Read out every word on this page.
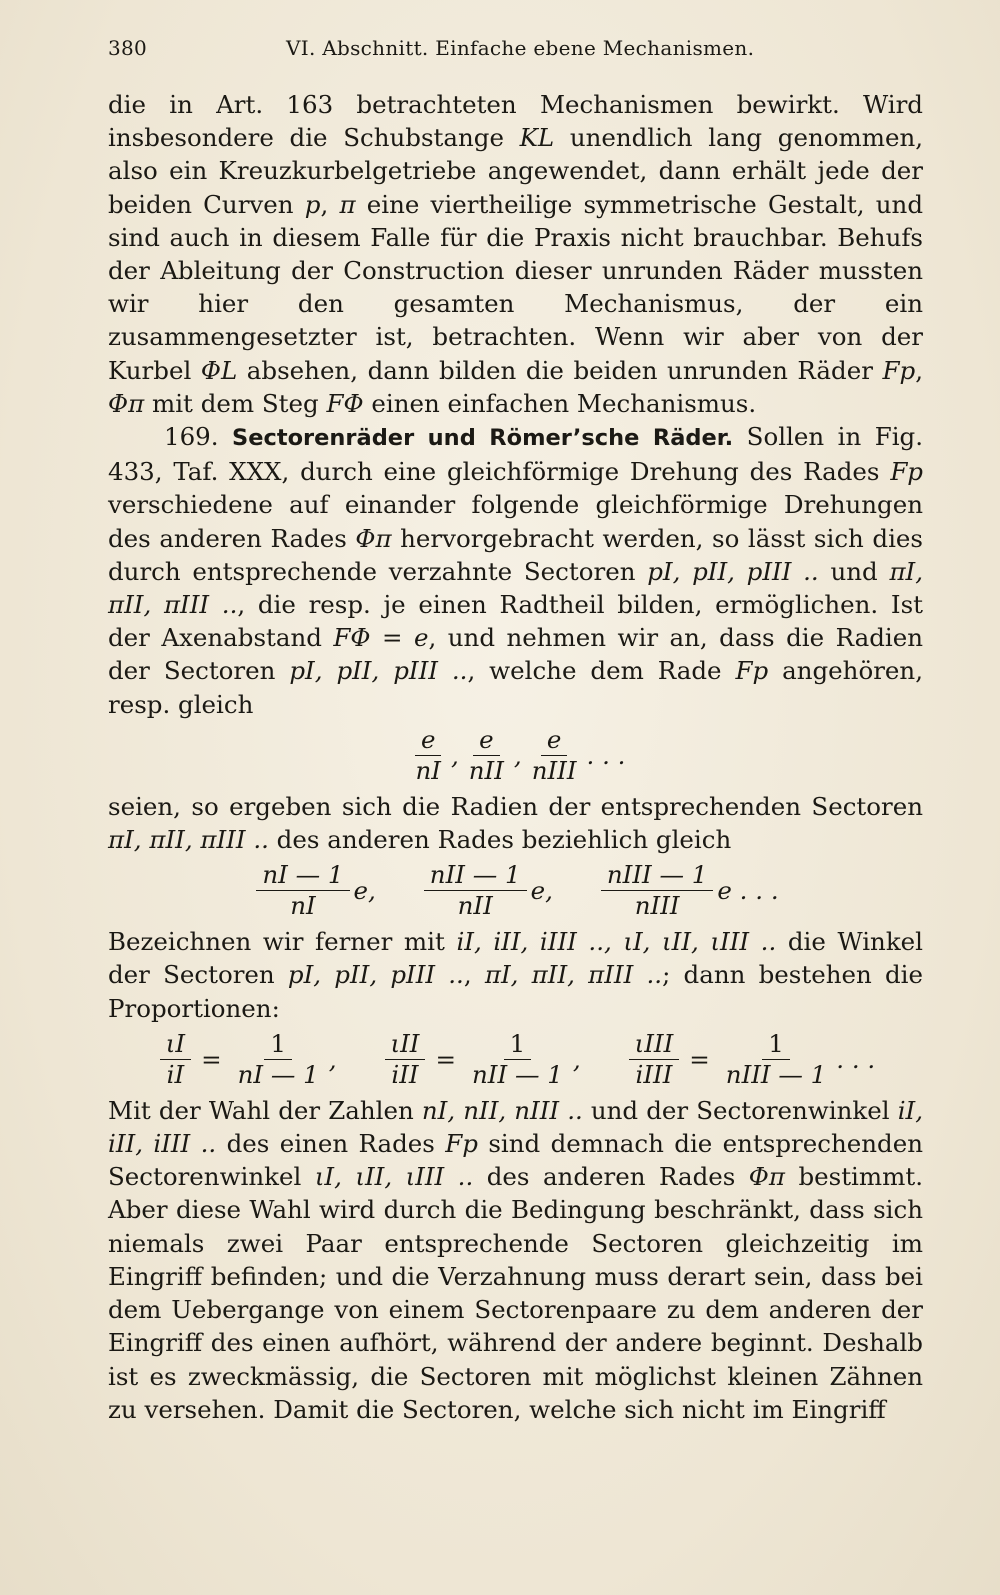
380	VI. Abschnitt. Einfache ebene Mechanismen.

die in Art. 163 betrachteten Mechanismen bewirkt. Wird insbesondere die Schubstange KL unendlich lang genommen, also ein Kreuzkurbelgetriebe angewendet, dann erhält jede der beiden Curven p, π eine viertheilige symmetrische Gestalt, und sind auch in diesem Falle für die Praxis nicht brauchbar. Behufs der Ableitung der Construction dieser unrunden Räder mussten wir hier den gesamten Mechanismus, der ein zusammengesetzter ist, betrachten. Wenn wir aber von der Kurbel ΦL absehen, dann bilden die beiden unrunden Räder Fp, Φπ mit dem Steg FΦ einen einfachen Mechanismus.

169. Sectorenräder und Römer’sche Räder. Sollen in Fig. 433, Taf. XXX, durch eine gleichförmige Drehung des Rades Fp verschiedene auf einander folgende gleichförmige Drehungen des anderen Rades Φπ hervorgebracht werden, so lässt sich dies durch entsprechende verzahnte Sectoren pI, pII, pIII .. und πI, πII, πIII .., die resp. je einen Radtheil bilden, ermöglichen. Ist der Axenabstand FΦ = e, und nehmen wir an, dass die Radien der Sectoren pI, pII, pIII .., welche dem Rade Fp angehören, resp. gleich

$\frac{e}{nI}$ , $\frac{e}{\text{nII}}$ , $\frac{e}{\text{nIII}}$ . . .

seien, so ergeben sich die Radien der entsprechenden Sectoren πI, πII, πIII .. des anderen Rades beziehlich gleich

$\frac{nI — 1}{nI} e$, $\frac{\text{nII — 1}}{\text{nII}} e$, $\frac{\text{nIII — 1}}{\text{nIII}}$ e . . .

Bezeichnen wir ferner mit iI, iII, iIII .., ιI, ιII, ιIII .. die Winkel der Sectoren pI, pII, pIII .., πI, πII, πIII ..; dann bestehen die Proportionen:

$\frac{\iota I}{iI} = \frac{1}{nI — 1}$ , $\frac{\text{ιII}}{\text{iII}} = \frac{1}{\text{nII — 1}}$ , $\frac{\text{ιIII}}{\text{iIII}} = \frac{1}{\text{nIII — 1}}$ . . .

Mit der Wahl der Zahlen nI, nII, nIII .. und der Sectorenwinkel iI, iII, iIII .. des einen Rades Fp sind demnach die entsprechenden Sectorenwinkel ιI, ιII, ιIII .. des anderen Rades Φπ bestimmt. Aber diese Wahl wird durch die Bedingung beschränkt, dass sich niemals zwei Paar entsprechende Sectoren gleichzeitig im Eingriff befinden; und die Verzahnung muss derart sein, dass bei dem Uebergange von einem Sectorenpaare zu dem anderen der Eingriff des einen aufhört, während der andere beginnt. Deshalb ist es zweckmässig, die Sectoren mit möglichst kleinen Zähnen zu versehen. Damit die Sectoren, welche sich nicht im Eingriff
